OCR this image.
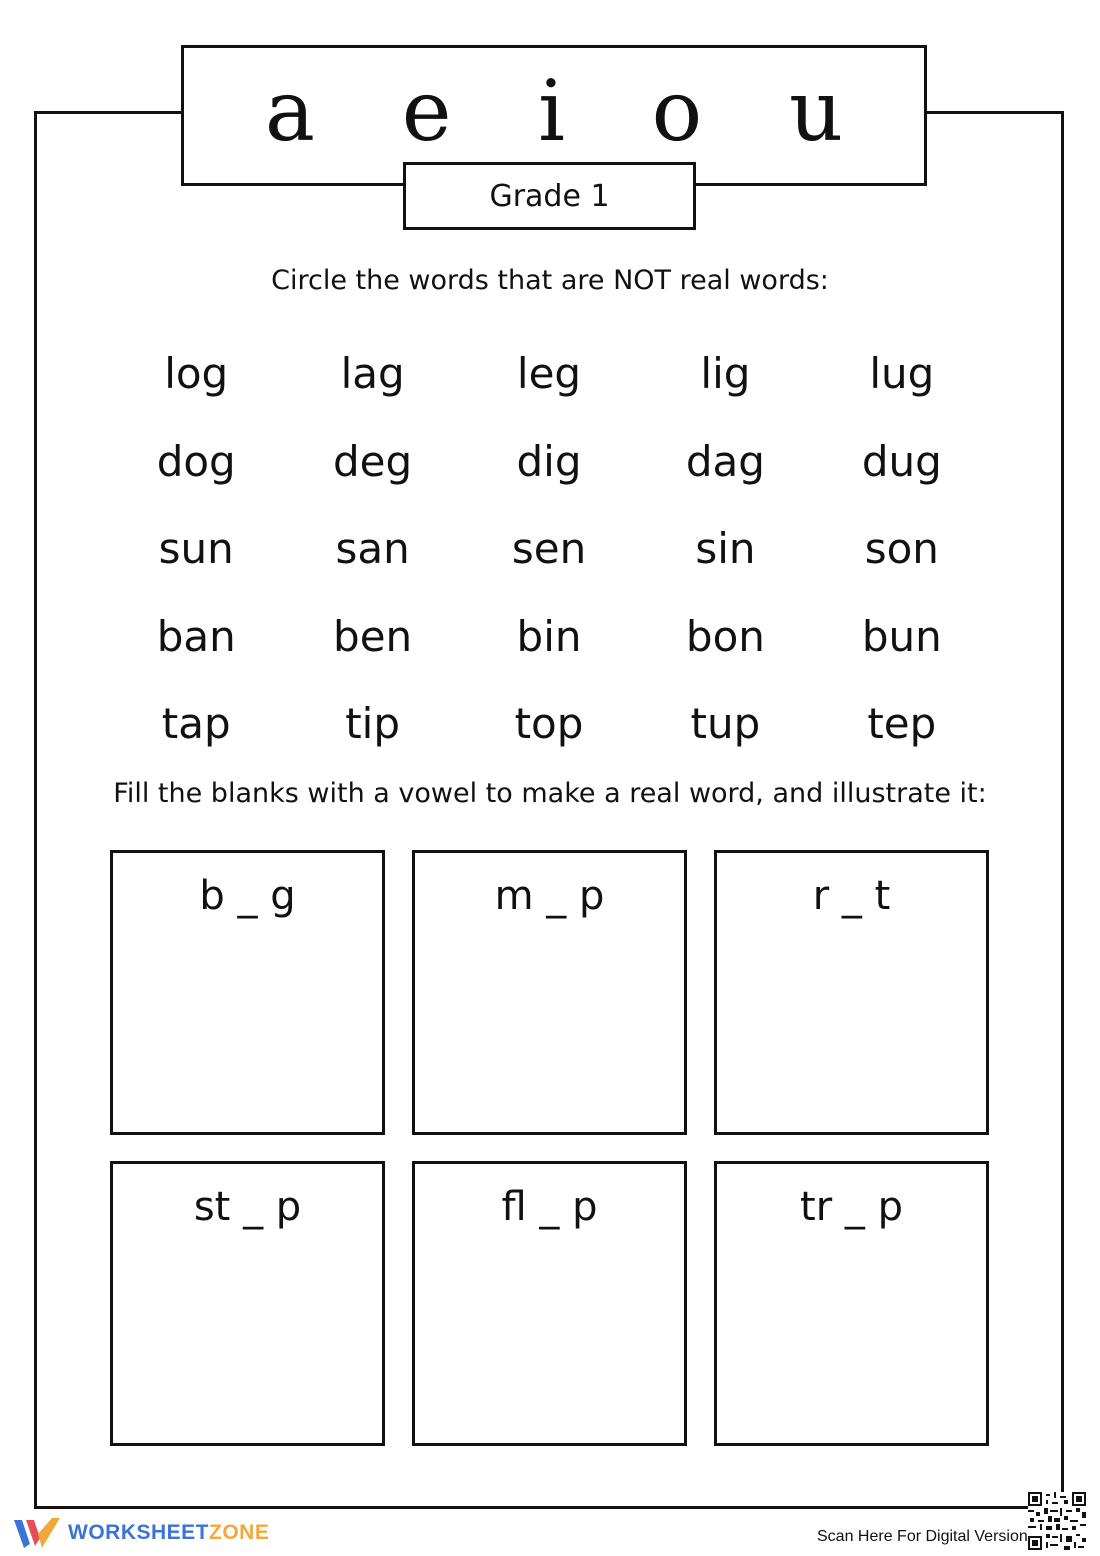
a e i o u
Grade 1
Circle the words that are NOT real words:
log	lag	leg	lig	lug
dog	deg	dig	dag	dug
sun	san	sen	sin	son
ban	ben	bin	bon	bun
tap	tip	top	tup	tep
Fill the blanks with a vowel to make a real word, and illustrate it:
b _ g	m _ p	r _ t
st _ p	fl _ p	tr _ p
WORKSHEETZONE	Scan Here For Digital Version
